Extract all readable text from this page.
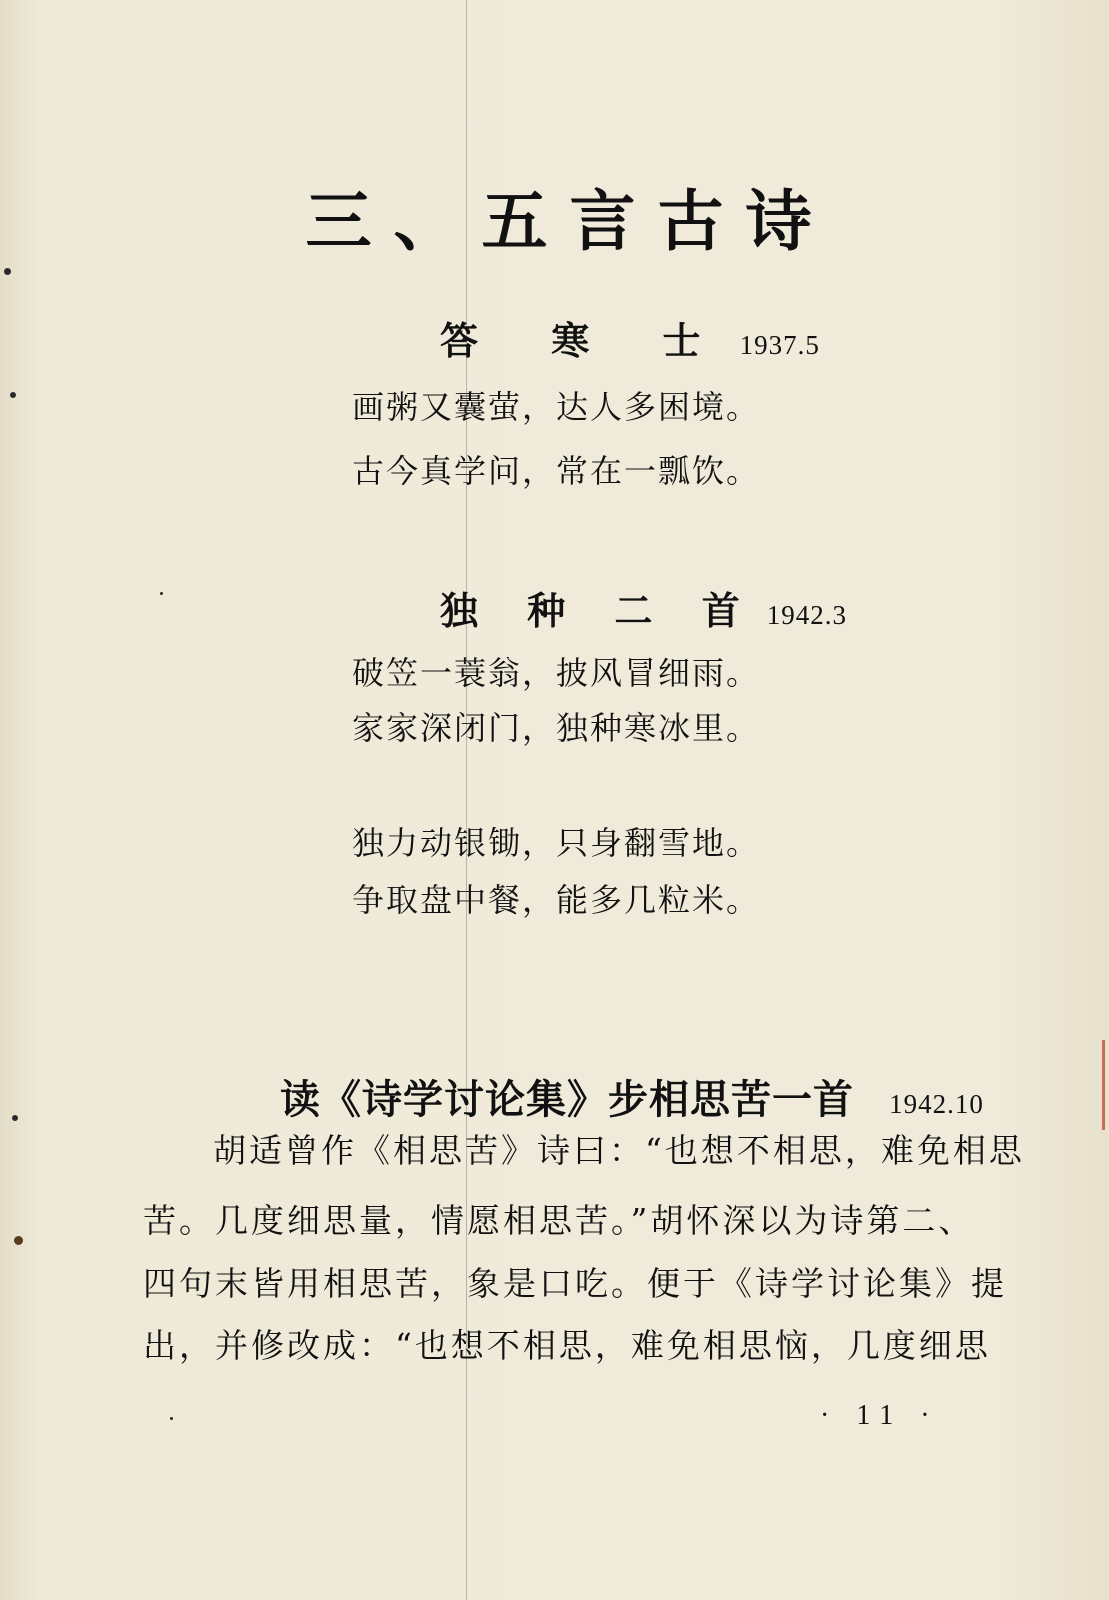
三、五言古诗
答 寒 士 1937.5
画粥又囊萤，达人多困境。
古今真学问，常在一瓢饮。
独 种 二 首 1942.3
破笠一蓑翁，披风冒细雨。
家家深闭门，独种寒冰里。
独力动银锄，只身翻雪地。
争取盘中餐，能多几粒米。
读《诗学讨论集》步相思苦一首 1942.10
胡适曾作《相思苦》诗曰：“也想不相思，难免相思
苦。几度细思量，情愿相思苦。”胡怀深以为诗第二、
四句末皆用相思苦，象是口吃。便于《诗学讨论集》提
出，并修改成：“也想不相思，难免相思恼，几度细思
· 11 ·
